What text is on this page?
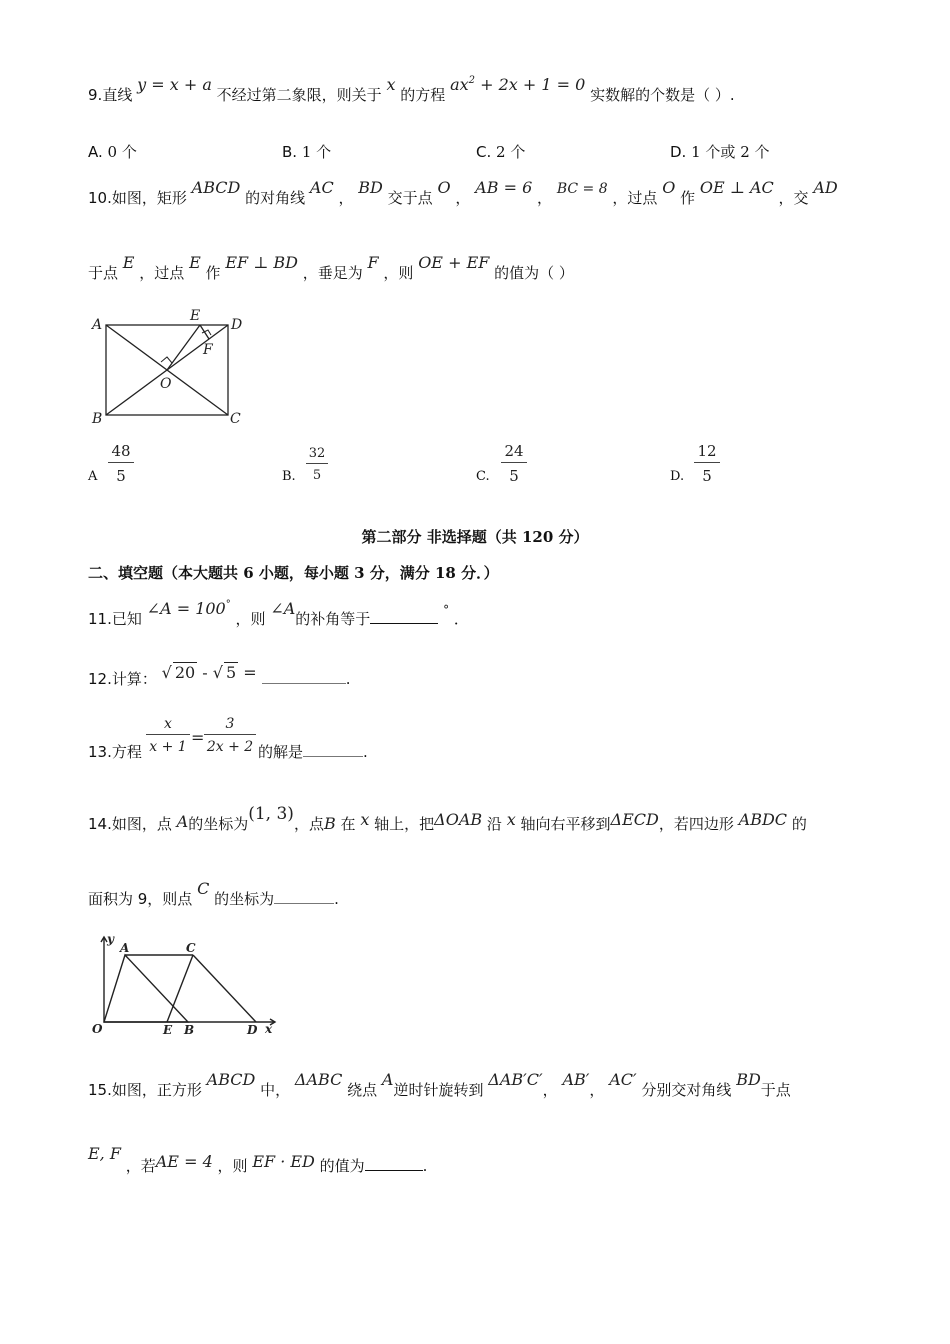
9.直线 y = x + a 不经过第二象限，则关于 x 的方程 $ax^2 + 2x + 1 = 0$ 实数解的个数是（ ）.
A. 0 个	B. 1 个	C. 2 个	D. 1 个或 2 个
10.如图，矩形 ABCD 的对角线 AC ， BD 交于点 O ， AB = 6 ， BC = 8 ，过点 O 作 OE ⊥ AC ，交 AD
于点 E ，过点 E 作 EF ⊥ BD ，垂足为 F ，则 OE + EF 的值为（ ）
A
B	C
D
E
F
O
A
48
5	B.
32
5	C.
24
5	D.
12
5
第二部分 非选择题（共 120 分）
二、填空题（本大题共 6 小题，每小题 3 分，满分 18 分．）
11.已知 ∠A = 100° ，则 ∠A的补角等于	° ．
12.计算： √ 20 - √ 5 =	.
13.方程
x
x + 1 =
3
2x + 2 的解是	.
14.如图，点 A的坐标为(1, 3)，点B 在 x 轴上，把ΔOAB 沿 x 轴向右平移到ΔECD，若四边形 ABDC 的
面积为 9，则点 C 的坐标为	.
y
A	C
O	E B	D x
15.如图，正方形 ABCD 中， ΔABC 绕点 A逆时针旋转到 ΔAB′C′， AB′， AC′ 分别交对角线 BD于点
E, F ，若AE = 4 ，则 EF · ED 的值为	.
